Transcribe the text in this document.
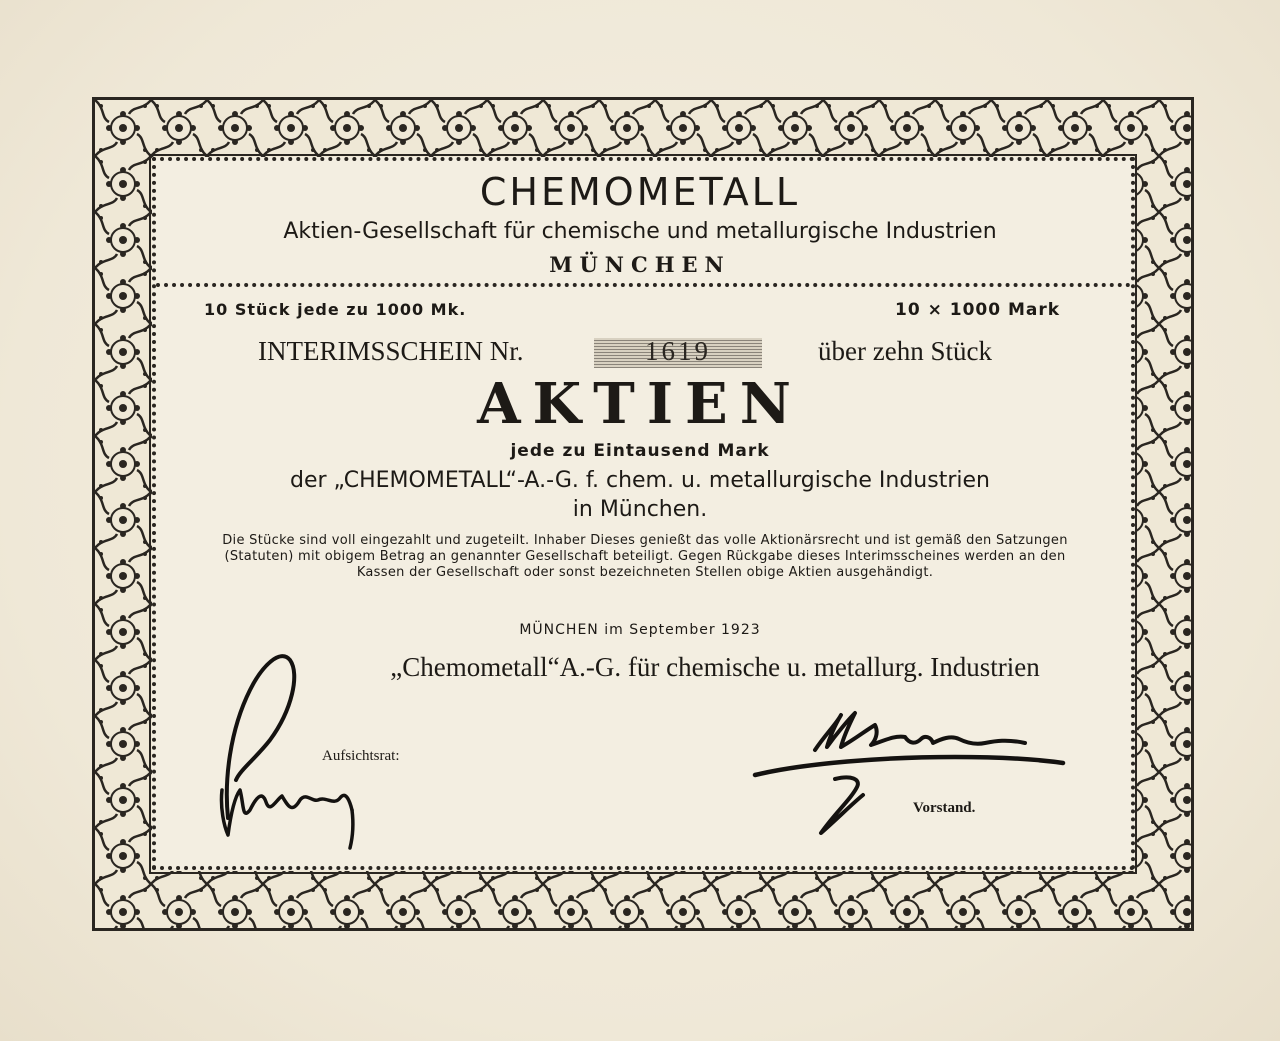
CHEMOMETALL
Aktien-Gesellschaft für chemische und metallurgische Industrien
MÜNCHEN
10 Stück jede zu 1000 Mk.	10 × 1000 Mark
INTERIMSSCHEIN Nr.	1619	über zehn Stück
AKTIEN
jede zu Eintausend Mark
der „CHEMOMETALL“-A.-G. f. chem. u. metallurgische Industrien
in München.
Die Stücke sind voll eingezahlt und zugeteilt. Inhaber Dieses genießt das volle Aktionärsrecht und ist gemäß den Satzungen (Statuten) mit obigem Betrag an genannter Gesellschaft beteiligt. Gegen Rückgabe dieses Interimsscheines werden an den Kassen der Gesellschaft oder sonst bezeichneten Stellen obige Aktien ausgehändigt.
MÜNCHEN im September 1923
„Chemometall“A.-G. für chemische u. metallurg. Industrien
Aufsichtsrat:
Vorstand.
